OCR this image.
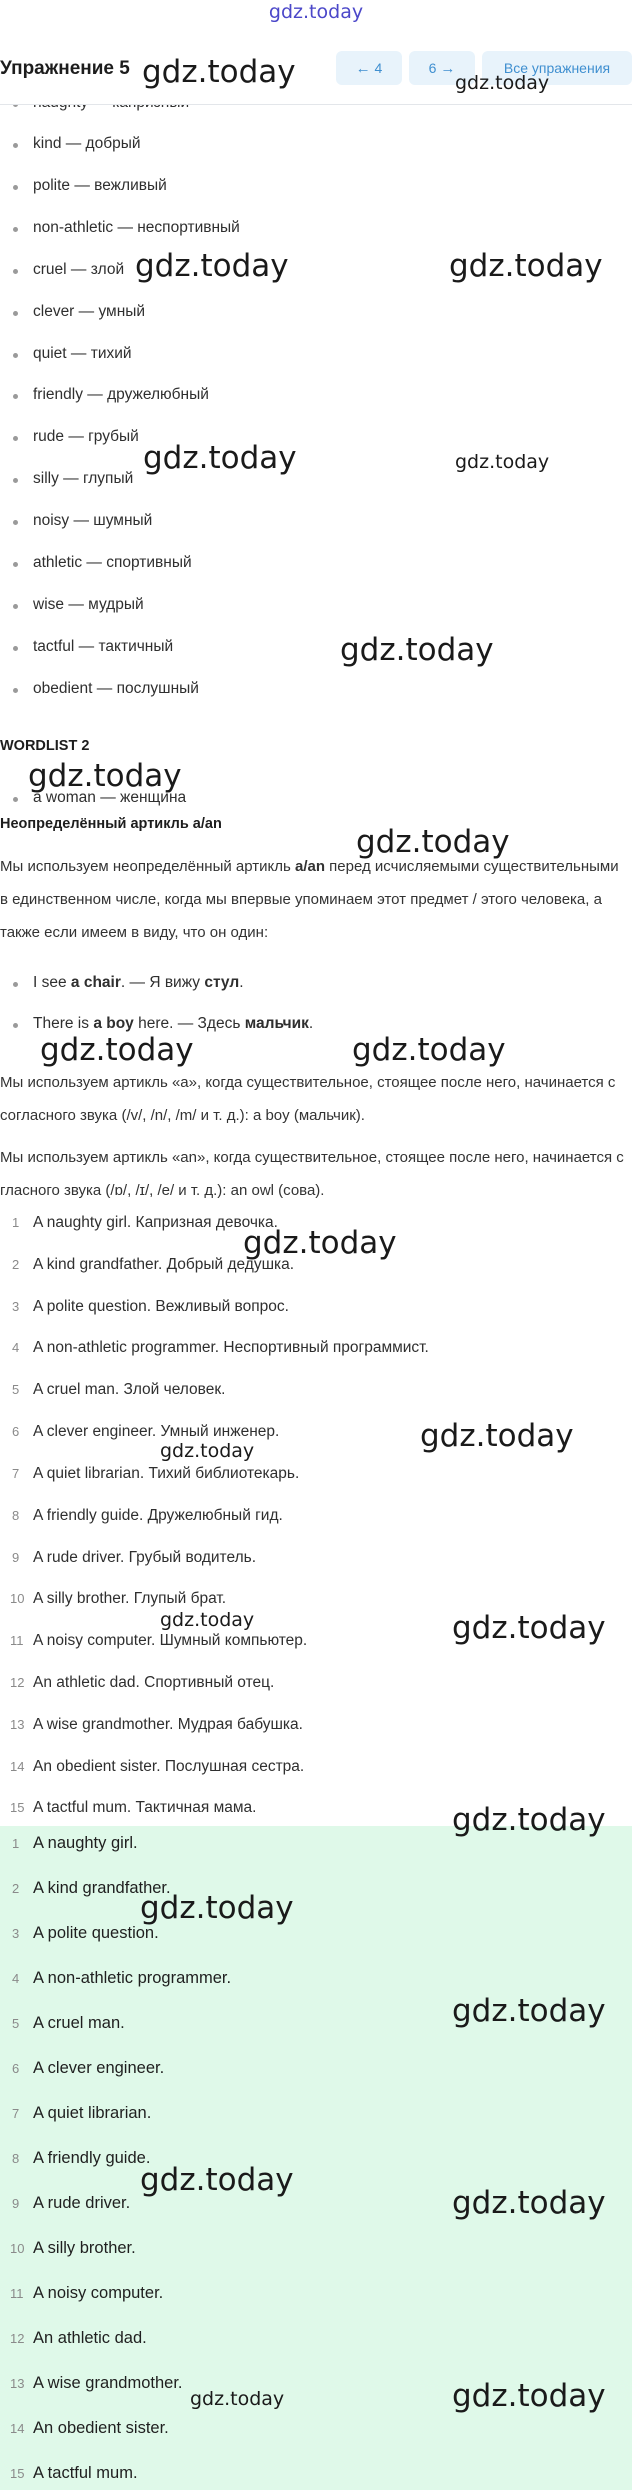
gdz.today
kind — добрый
polite — вежливый
non-athletic — неспортивный
cruel — злой
clever — умный
quiet — тихий
friendly — дружелюбный
rude — грубый
silly — глупый
noisy — шумный
athletic — спортивный
wise — мудрый
tactful — тактичный
obedient — послушный
WORDLIST 2
a woman — женщина
Неопределённый артикль a/an
Мы используем неопределённый артикль a/an перед исчисляемыми существительными в единственном числе, когда мы впервые упоминаем этот предмет / этого человека, а также если имеем в виду, что он один:
I see a chair. — Я вижу стул.
There is a boy here. — Здесь мальчик.
Мы используем артикль «a», когда существительное, стоящее после него, начинается с согласного звука (/v/, /n/, /m/ и т. д.): a boy (мальчик).
Мы используем артикль «an», когда существительное, стоящее после него, начинается с гласного звука (/ɒ/, /ɪ/, /e/ и т. д.): an owl (сова).
1 A naughty girl. Капризная девочка.
2 A kind grandfather. Добрый дедушка.
3 A polite question. Вежливый вопрос.
4 A non-athletic programmer. Неспортивный программист.
5 A cruel man. Злой человек.
6 A clever engineer. Умный инженер.
7 A quiet librarian. Тихий библиотекарь.
8 A friendly guide. Дружелюбный гид.
9 A rude driver. Грубый водитель.
10 A silly brother. Глупый брат.
11 A noisy computer. Шумный компьютер.
12 An athletic dad. Спортивный отец.
13 A wise grandmother. Мудрая бабушка.
14 An obedient sister. Послушная сестра.
15 A tactful mum. Тактичная мама.
1 A naughty girl.
2 A kind grandfather.
3 A polite question.
4 A non-athletic programmer.
5 A cruel man.
6 A clever engineer.
7 A quiet librarian.
8 A friendly guide.
9 A rude driver.
10 A silly brother.
11 A noisy computer.
12 An athletic dad.
13 A wise grandmother.
14 An obedient sister.
15 A tactful mum.
Упражнение 5	← 4	6 →	Все упражнения
gdz.today	gdz.today
gdz.today	gdz.today
gdz.today	gdz.today
gdz.today
gdz.today
gdz.today
gdz.today	gdz.today
gdz.today
gdz.today
gdz.today
gdz.today	gdz.today
gdz.today
gdz.today
gdz.today
gdz.today
gdz.today
gdz.today
gdz.today
